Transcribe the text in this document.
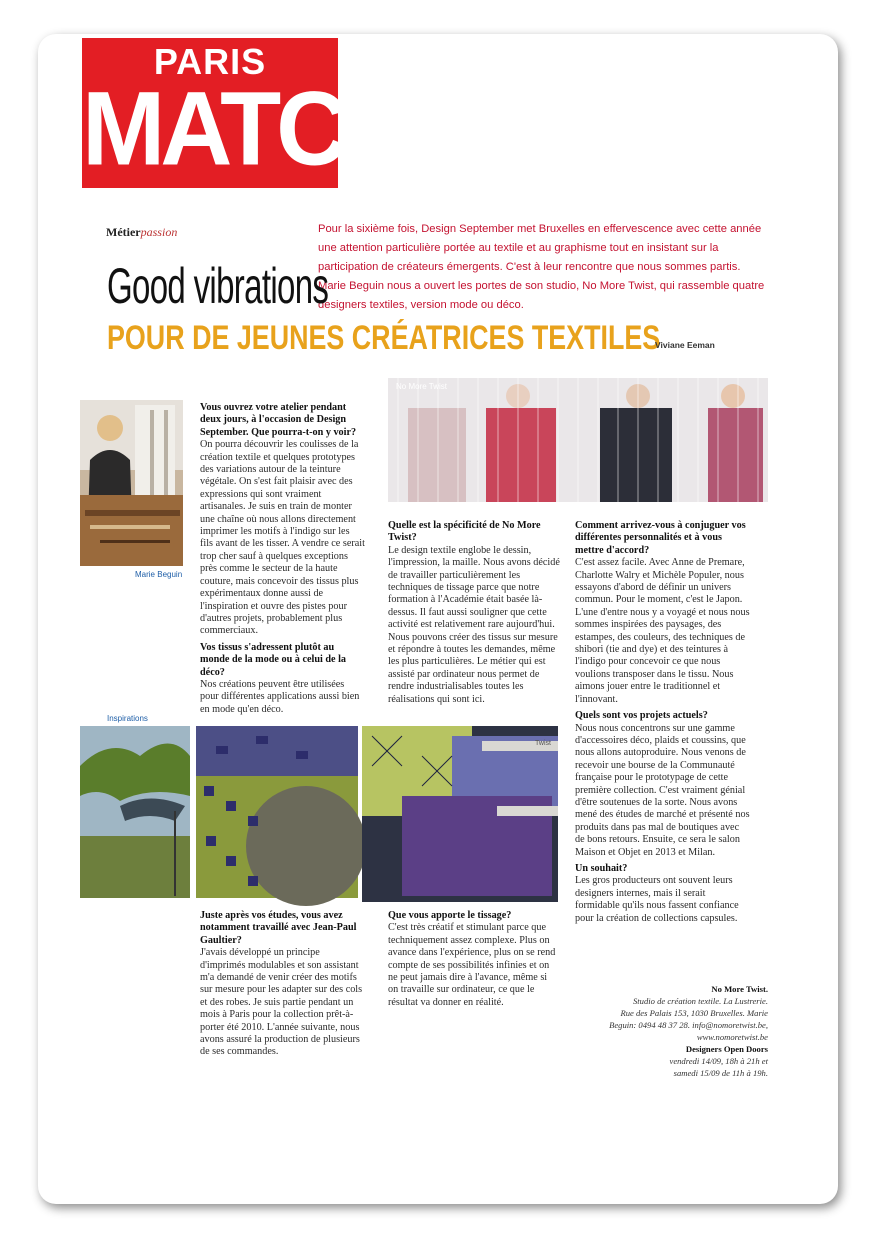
PARIS
MATCH
Métierpassion	Pour la sixième fois, Design September met Bruxelles en effervescence avec cette année une attention particulière portée au textile et au graphisme tout en insistant sur la participation de créateurs émergents. C'est à leur rencontre que nous sommes partis. Marie Beguin nous a ouvert les portes de son studio, No More Twist, qui rassemble quatre designers textiles, version mode ou déco.
Good vibrations
POUR DE JEUNES CRÉATRICES TEXTILES
Viviane Eeman
Marie Beguin
No More Twist
Inspirations
Twist
Vous ouvrez votre atelier pendant deux jours, à l'occasion de Design September. Que pourra-t-on y voir?

On pourra découvrir les coulisses de la création textile et quelques prototypes des variations autour de la teinture végétale. On s'est fait plaisir avec des expressions qui sont vraiment artisanales. Je suis en train de monter une chaîne où nous allons directement imprimer les motifs à l'indigo sur les fils avant de les tisser. A vendre ce serait trop cher sauf à quelques exceptions près comme le secteur de la haute couture, mais concevoir des tissus plus expérimentaux donne aussi de l'inspiration et ouvre des pistes pour d'autres projets, probablement plus commerciaux.

Vos tissus s'adressent plutôt au monde de la mode ou à celui de la déco?

Nos créations peuvent être utilisées pour différentes applications aussi bien en mode qu'en déco.

Quelle est la spécificité de No More Twist?

Le design textile englobe le dessin, l'impression, la maille. Nous avons décidé de travailler particulièrement les techniques de tissage parce que notre formation à l'Académie était basée là-dessus. Il faut aussi souligner que cette activité est relativement rare aujourd'hui. Nous pouvons créer des tissus sur mesure et répondre à toutes les demandes, même les plus particulières. Le métier qui est assisté par ordinateur nous permet de rendre industrialisables toutes les réalisations qui sont ici.

Comment arrivez-vous à conjuguer vos différentes personnalités et à vous mettre d'accord?

C'est assez facile. Avec Anne de Premare, Charlotte Walry et Michèle Populer, nous essayons d'abord de définir un univers commun. Pour le moment, c'est le Japon. L'une d'entre nous y a voyagé et nous nous sommes inspirées des paysages, des estampes, des couleurs, des techniques de shibori (tie and dye) et des teintures à l'indigo pour concevoir ce que nous voulions transposer dans le tissu. Nous aimons jouer entre le traditionnel et l'innovant.

Quels sont vos projets actuels?

Nous nous concentrons sur une gamme d'accessoires déco, plaids et coussins, que nous allons autoproduire. Nous venons de recevoir une bourse de la Communauté française pour le prototypage de cette première collection. C'est vraiment génial d'être soutenues de la sorte. Nous avons mené des études de marché et présenté nos produits dans pas mal de boutiques avec de bons retours. Ensuite, ce sera le salon Maison et Objet en 2013 et Milan.

Un souhait?

Les gros producteurs ont souvent leurs designers internes, mais il serait formidable qu'ils nous fassent confiance pour la création de collections capsules.

Juste après vos études, vous avez notamment travaillé avec Jean-Paul Gaultier?

J'avais développé un principe d'imprimés modulables et son assistant m'a demandé de venir créer des motifs sur mesure pour les adapter sur des cols et des robes. Je suis partie pendant un mois à Paris pour la collection prêt-à-porter été 2010. L'année suivante, nous avons assuré la production de plusieurs de ses commandes.

Que vous apporte le tissage?

C'est très créatif et stimulant parce que techniquement assez complexe. Plus on avance dans l'expérience, plus on se rend compte de ses possibilités infinies et on ne peut jamais dire à l'avance, même si on travaille sur ordinateur, ce que le résultat va donner en réalité.

No More Twist.
Studio de création textile. La Lustrerie.
Rue des Palais 153, 1030 Bruxelles. Marie
Beguin: 0494 48 37 28. info@nomoretwist.be,
www.nomoretwist.be
Designers Open Doors
vendredi 14/09, 18h à 21h et
samedi 15/09 de 11h à 19h.
